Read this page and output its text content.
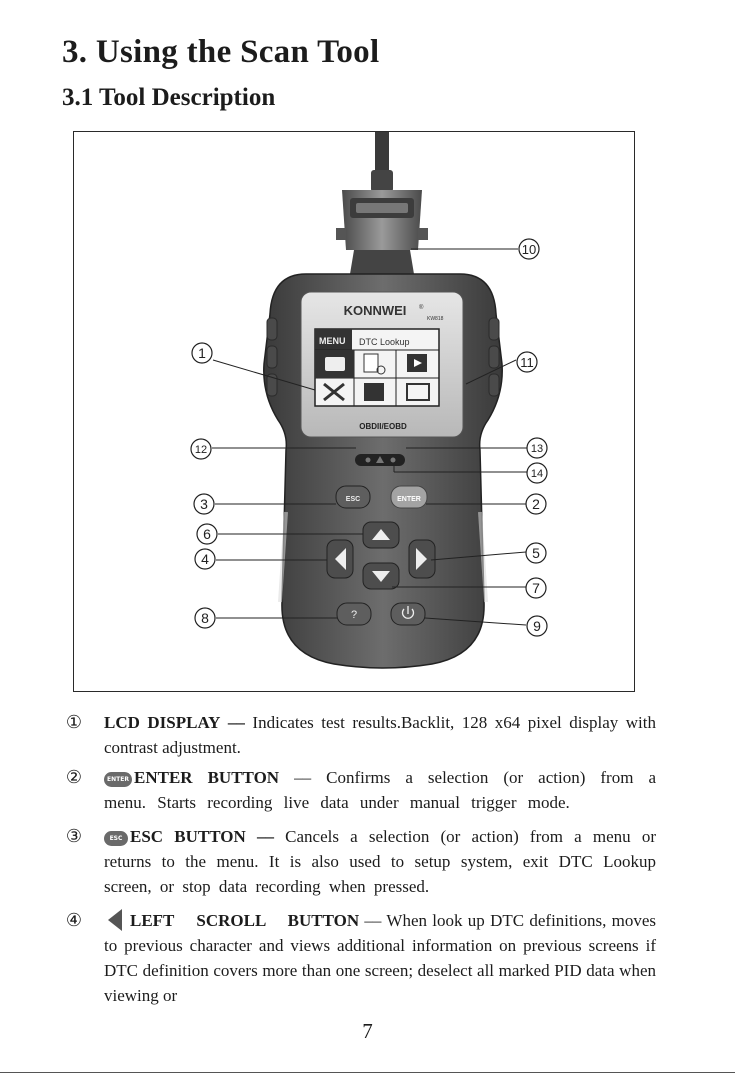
3. Using the Scan Tool
3.1 Tool Description
KONNWEI ®
KW818
MENU DTC Lookup
OBDII/EOBD
ESC	ENTER
?
10
1
11
12	13
14
3	2
6
4	5
7
8	9
① LCD DISPLAY –– Indicates test results.Backlit, 128 x64 pixel display with contrast adjustment.
②	ENTER ENTER BUTTON –– Confirms a selection (or action) from a menu. Starts recording live data under manual trigger mode.
③	ESC ESC BUTTON –– Cancels a selection (or action) from a menu or returns to the menu. It is also used to setup system, exit DTC Lookup screen, or stop data recording when pressed.
④	LEFT SCROLL BUTTON –– When look up DTC definitions, moves to previous character and views additional information on previous screens if DTC definition covers more than one screen; deselect all marked PID data when viewing or
7
